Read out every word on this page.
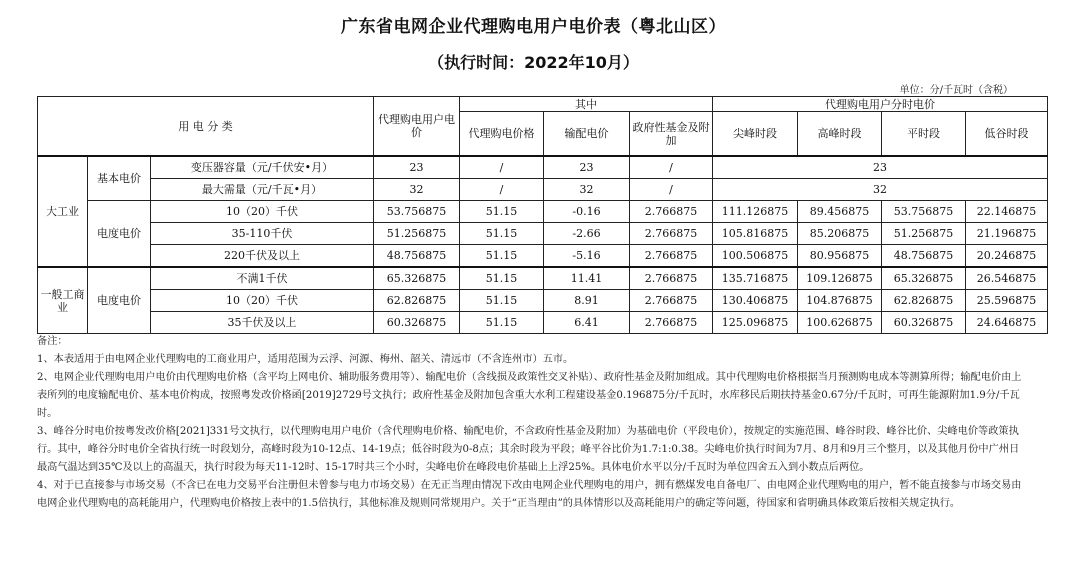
广东省电网企业代理购电用户电价表（粤北山区）
（执行时间：2022年10月）
单位：分/千瓦时（含税）
用 电 分 类			代理购电用户电价	其中			代理购电用户分时电价			
				代理购电价格	输配电价	政府性基金及附加	尖峰时段	高峰时段	平时段	低谷时段
大工业	基本电价	变压器容量（元/千伏安•月）	23	/	23	/	23			
		最大需量（元/千瓦•月）	32	/	32	/	32			
	电度电价	10（20）千伏	53.756875	51.15	-0.16	2.766875	111.126875	89.456875	53.756875	22.146875
		35-110千伏	51.256875	51.15	-2.66	2.766875	105.816875	85.206875	51.256875	21.196875
		220千伏及以上	48.756875	51.15	-5.16	2.766875	100.506875	80.956875	48.756875	20.246875
一般工商业	电度电价	不满1千伏	65.326875	51.15	11.41	2.766875	135.716875	109.126875	65.326875	26.546875
		10（20）千伏	62.826875	51.15	8.91	2.766875	130.406875	104.876875	62.826875	25.596875
		35千伏及以上	60.326875	51.15	6.41	2.766875	125.096875	100.626875	60.326875	24.646875

备注：

1、本表适用于由电网企业代理购电的工商业用户，适用范围为云浮、河源、梅州、韶关、清远市（不含连州市）五市。

2、电网企业代理购电用户电价由代理购电价格（含平均上网电价、辅助服务费用等）、输配电价（含线损及政策性交叉补贴）、政府性基金及附加组成。其中代理购电价格根据当月预测购电成本等测算所得；输配电价由上表所列的电度输配电价、基本电价构成，按照粤发改价格函[2019]2729号文执行；政府性基金及附加包含重大水利工程建设基金0.196875分/千瓦时，水库移民后期扶持基金0.67分/千瓦时，可再生能源附加1.9分/千瓦时。

3、峰谷分时电价按粤发改价格[2021]331号文执行，以代理购电用户电价（含代理购电价格、输配电价，不含政府性基金及附加）为基础电价（平段电价），按规定的实施范围、峰谷时段、峰谷比价、尖峰电价等政策执行。其中，峰谷分时电价全省执行统一时段划分，高峰时段为10-12点、14-19点；低谷时段为0-8点；其余时段为平段；峰平谷比价为1.7:1:0.38。尖峰电价执行时间为7月、8月和9月三个整月，以及其他月份中广州日最高气温达到35℃及以上的高温天，执行时段为每天11-12时、15-17时共三个小时，尖峰电价在峰段电价基础上上浮25%。具体电价水平以分/千瓦时为单位四舍五入到小数点后两位。

4、对于已直接参与市场交易（不含已在电力交易平台注册但未曾参与电力市场交易）在无正当理由情况下改由电网企业代理购电的用户，拥有燃煤发电自备电厂、由电网企业代理购电的用户，暂不能直接参与市场交易由电网企业代理购电的高耗能用户，代理购电价格按上表中的1.5倍执行，其他标准及规则同常规用户。关于“正当理由”的具体情形以及高耗能用户的确定等问题，待国家和省明确具体政策后按相关规定执行。
